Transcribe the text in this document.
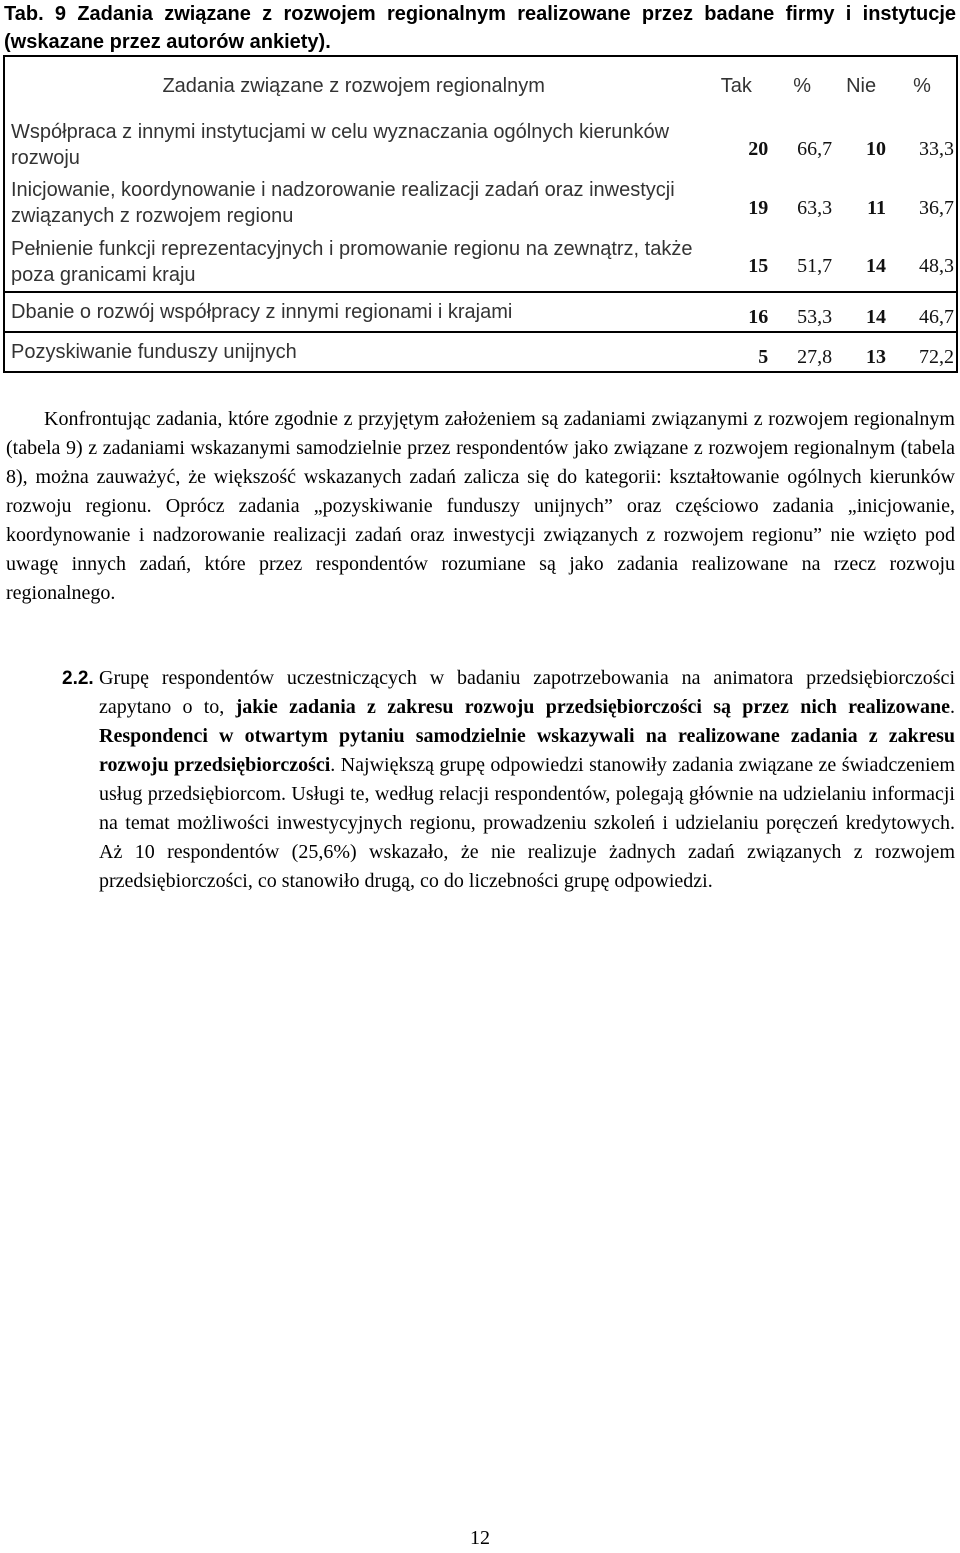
Tab. 9 Zadania związane z rozwojem regionalnym realizowane przez badane firmy i instytucje (wskazane przez autorów ankiety).
Zadania związane z rozwojem regionalnym	Tak	%	Nie	%
Współpraca z innymi instytucjami w celu wyznaczania ogólnych kierunków rozwoju	20	66,7	10	33,3
Inicjowanie, koordynowanie i nadzorowanie realizacji zadań oraz inwestycji związanych z rozwojem regionu	19	63,3	11	36,7
Pełnienie funkcji reprezentacyjnych i promowanie regionu na zewnątrz, także poza granicami kraju	15	51,7	14	48,3
Dbanie o rozwój współpracy z innymi regionami i krajami	16	53,3	14	46,7
Pozyskiwanie funduszy unijnych	5	27,8	13	72,2

Konfrontując zadania, które zgodnie z przyjętym założeniem są zadaniami związanymi z rozwojem regionalnym (tabela 9) z zadaniami wskazanymi samodzielnie przez respondentów jako związane z rozwojem regionalnym (tabela 8), można zauważyć, że większość wskazanych zadań zalicza się do kategorii: kształtowanie ogólnych kierunków rozwoju regionu. Oprócz zadania „pozyskiwanie funduszy unijnych” oraz częściowo zadania „inicjowanie, koordynowanie i nadzorowanie realizacji zadań oraz inwestycji związanych z rozwojem regionu” nie wzięto pod uwagę innych zadań, które przez respondentów rozumiane są jako zadania realizowane na rzecz rozwoju regionalnego.

2.2. Grupę respondentów uczestniczących w badaniu zapotrzebowania na animatora przedsiębiorczości zapytano o to, jakie zadania z zakresu rozwoju przedsiębiorczości są przez nich realizowane. Respondenci w otwartym pytaniu samodzielnie wskazywali na realizowane zadania z zakresu rozwoju przedsiębiorczości. Największą grupę odpowiedzi stanowiły zadania związane ze świadczeniem usług przedsiębiorcom. Usługi te, według relacji respondentów, polegają głównie na udzielaniu informacji na temat możliwości inwestycyjnych regionu, prowadzeniu szkoleń i udzielaniu poręczeń kredytowych. Aż 10 respondentów (25,6%) wskazało, że nie realizuje żadnych zadań związanych z rozwojem przedsiębiorczości, co stanowiło drugą, co do liczebności grupę odpowiedzi.

12
